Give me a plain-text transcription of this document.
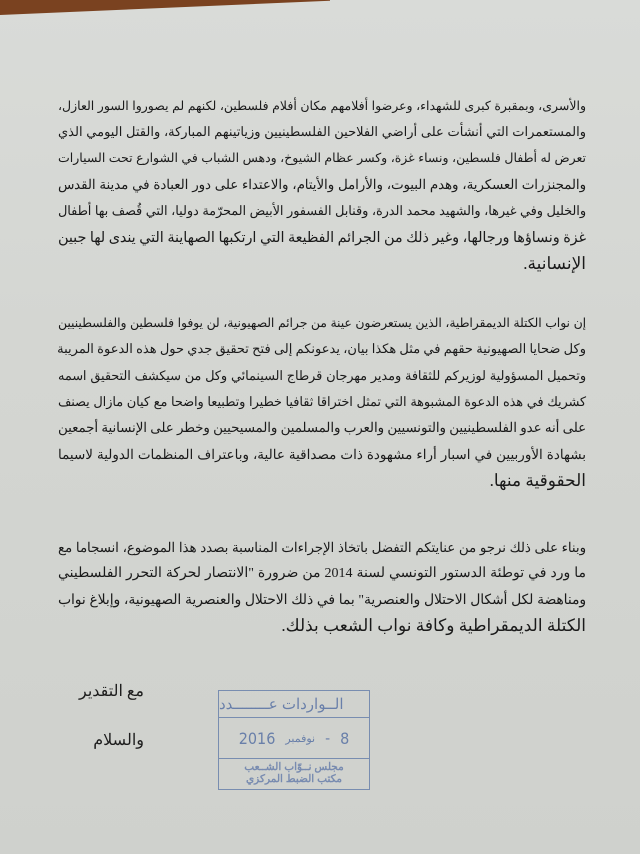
والأسرى، وبمقبرة كبرى للشهداء، وعرضوا أفلامهم مكان أفلام فلسطين، لكنهم لم يصوروا السور العازل،
والمستعمرات التي أنشأت على أراضي الفلاحين الفلسطينيين وزياتينهم المباركة، والقتل اليومي الذي
تعرض له أطفال فلسطين، ونساء غزة، وكسر عظام الشيوخ، ودهس الشباب في الشوارع تحت السيارات
والمجنزرات العسكرية، وهدم البيوت، والأرامل والأيتام، والاعتداء على دور العبادة في مدينة القدس
والخليل وفي غيرها، والشهيد محمد الدرة، وقنابل الفسفور الأبيض المحرّمة دوليا، التي قُصف بها أطفال
غزة ونساؤها ورجالها، وغير ذلك من الجرائم الفظيعة التي ارتكبها الصهاينة التي يندى لها جبين
الإنسانية.
إن نواب الكتلة الديمقراطية، الذين يستعرضون عينة من جرائم الصهيونية، لن يوفوا فلسطين والفلسطينيين
وكل ضحايا الصهيونية حقهم في مثل هكذا بيان، يدعونكم إلى فتح تحقيق جدي حول هذه الدعوة المريبة
وتحميل المسؤولية لوزيركم للثقافة ومدير مهرجان قرطاج السينمائي وكل من سيكشف التحقيق اسمه
كشريك في هذه الدعوة المشبوهة التي تمثل اختراقا ثقافيا خطيرا وتطبيعا واضحا مع كيان مازال يصنف
على أنه عدو الفلسطينيين والتونسيين والعرب والمسلمين والمسيحيين وخطر على الإنسانية أجمعين
بشهادة الأوربيين في اسبار أراء مشهودة ذات مصداقية عالية، وباعتراف المنظمات الدولية لاسيما
الحقوقية منها.
وبناء على ذلك نرجو من عنايتكم التفضل باتخاذ الإجراءات المناسبة بصدد هذا الموضوع، انسجاما مع
ما ورد في توطئة الدستور التونسي لسنة 2014 من ضرورة "الانتصار لحركة التحرر الفلسطيني
ومناهضة لكل أشكال الاحتلال والعنصرية" بما في ذلك الاحتلال والعنصرية الصهيونية، وإبلاغ نواب
الكتلة الديمقراطية وكافة نواب الشعب بذلك.
مع التقدير
والسلام
الــواردات عــــــــدد
2016 نوفمبر - 8
مجلس نــوّاب الشــعب
مكتب الضبط المركزي
